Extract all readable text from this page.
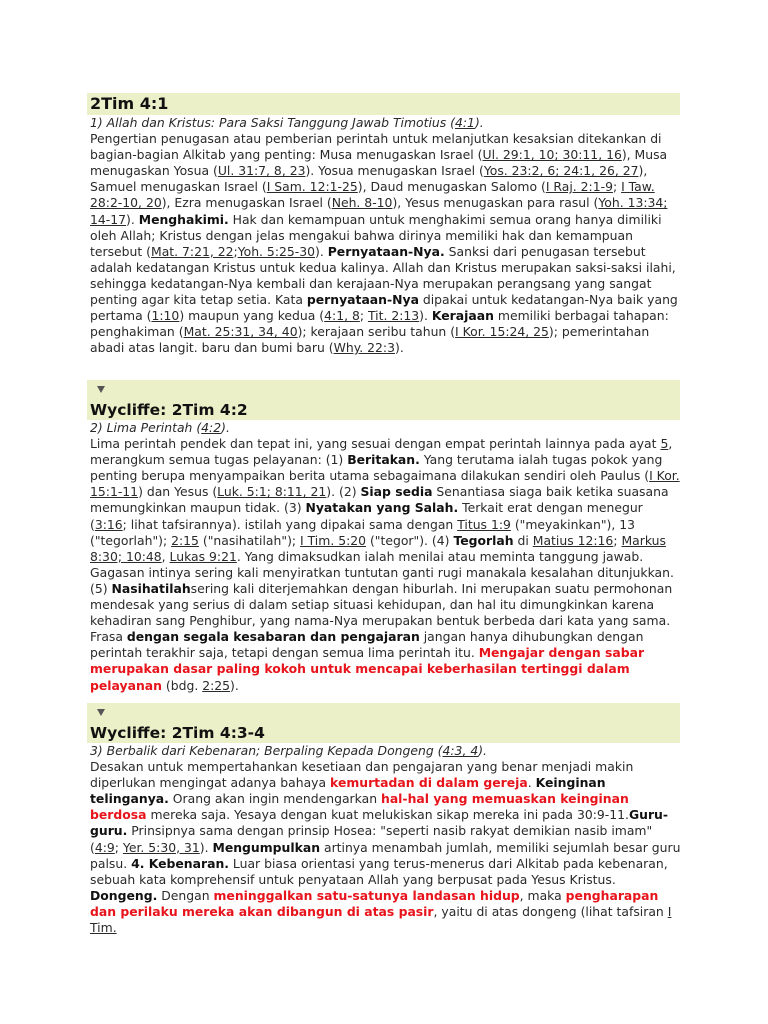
2Tim 4:1

1) Allah dan Kristus: Para Saksi Tanggung Jawab Timotius (4:1).

Pengertian penugasan atau pemberian perintah untuk melanjutkan kesaksian ditekankan di bagian-bagian Alkitab yang penting: Musa menugaskan Israel (Ul. 29:1, 10; 30:11, 16), Musa menugaskan Yosua (Ul. 31:7, 8, 23). Yosua menugaskan Israel (Yos. 23:2, 6; 24:1, 26, 27), Samuel menugaskan Israel (I Sam. 12:1-25), Daud menugaskan Salomo (I Raj. 2:1-9; I Taw. 28:2-10, 20), Ezra menugaskan Israel (Neh. 8-10), Yesus menugaskan para rasul (Yoh. 13:34; 14-17). Menghakimi. Hak dan kemampuan untuk menghakimi semua orang hanya dimiliki oleh Allah; Kristus dengan jelas mengakui bahwa dirinya memiliki hak dan kemampuan tersebut (Mat. 7:21, 22;Yoh. 5:25-30). Pernyataan-Nya. Sanksi dari penugasan tersebut adalah kedatangan Kristus untuk kedua kalinya. Allah dan Kristus merupakan saksi-saksi ilahi, sehingga kedatangan-Nya kembali dan kerajaan-Nya merupakan perangsang yang sangat penting agar kita tetap setia. Kata pernyataan-Nya dipakai untuk kedatangan-Nya baik yang pertama (1:10) maupun yang kedua (4:1, 8; Tit. 2:13). Kerajaan memiliki berbagai tahapan: penghakiman (Mat. 25:31, 34, 40); kerajaan seribu tahun (I Kor. 15:24, 25); pemerintahan abadi atas langit. baru dan bumi baru (Why. 22:3).

Wycliffe: 2Tim 4:2

2) Lima Perintah (4:2).

Lima perintah pendek dan tepat ini, yang sesuai dengan empat perintah lainnya pada ayat 5, merangkum semua tugas pelayanan: (1) Beritakan. Yang terutama ialah tugas pokok yang penting berupa menyampaikan berita utama sebagaimana dilakukan sendiri oleh Paulus (I Kor. 15:1-11) dan Yesus (Luk. 5:1; 8:11, 21). (2) Siap sedia Senantiasa siaga baik ketika suasana memungkinkan maupun tidak. (3) Nyatakan yang Salah. Terkait erat dengan menegur (3:16; lihat tafsirannya). istilah yang dipakai sama dengan Titus 1:9 ("meyakinkan"), 13 ("tegorlah"); 2:15 ("nasihatilah"); I Tim. 5:20 ("tegor"). (4) Tegorlah di Matius 12:16; Markus 8:30; 10:48, Lukas 9:21. Yang dimaksudkan ialah menilai atau meminta tanggung jawab. Gagasan intinya sering kali menyiratkan tuntutan ganti rugi manakala kesalahan ditunjukkan. (5) Nasihatilahsering kali diterjemahkan dengan hiburlah. Ini merupakan suatu permohonan mendesak yang serius di dalam setiap situasi kehidupan, dan hal itu dimungkinkan karena kehadiran sang Penghibur, yang nama-Nya merupakan bentuk berbeda dari kata yang sama. Frasa dengan segala kesabaran dan pengajaran jangan hanya dihubungkan dengan perintah terakhir saja, tetapi dengan semua lima perintah itu. Mengajar dengan sabar merupakan dasar paling kokoh untuk mencapai keberhasilan tertinggi dalam pelayanan (bdg. 2:25).

Wycliffe: 2Tim 4:3-4

3) Berbalik dari Kebenaran; Berpaling Kepada Dongeng (4:3, 4).

Desakan untuk mempertahankan kesetiaan dan pengajaran yang benar menjadi makin diperlukan mengingat adanya bahaya kemurtadan di dalam gereja. Keinginan telinganya. Orang akan ingin mendengarkan hal-hal yang memuaskan keinginan berdosa mereka saja. Yesaya dengan kuat melukiskan sikap mereka ini pada 30:9-11.Guru-guru. Prinsipnya sama dengan prinsip Hosea: "seperti nasib rakyat demikian nasib imam" (4:9; Yer. 5:30, 31). Mengumpulkan artinya menambah jumlah, memiliki sejumlah besar guru palsu. 4. Kebenaran. Luar biasa orientasi yang terus-menerus dari Alkitab pada kebenaran, sebuah kata komprehensif untuk penyataan Allah yang berpusat pada Yesus Kristus. Dongeng. Dengan meninggalkan satu-satunya landasan hidup, maka pengharapan dan perilaku mereka akan dibangun di atas pasir, yaitu di atas dongeng (lihat tafsiran I Tim.
